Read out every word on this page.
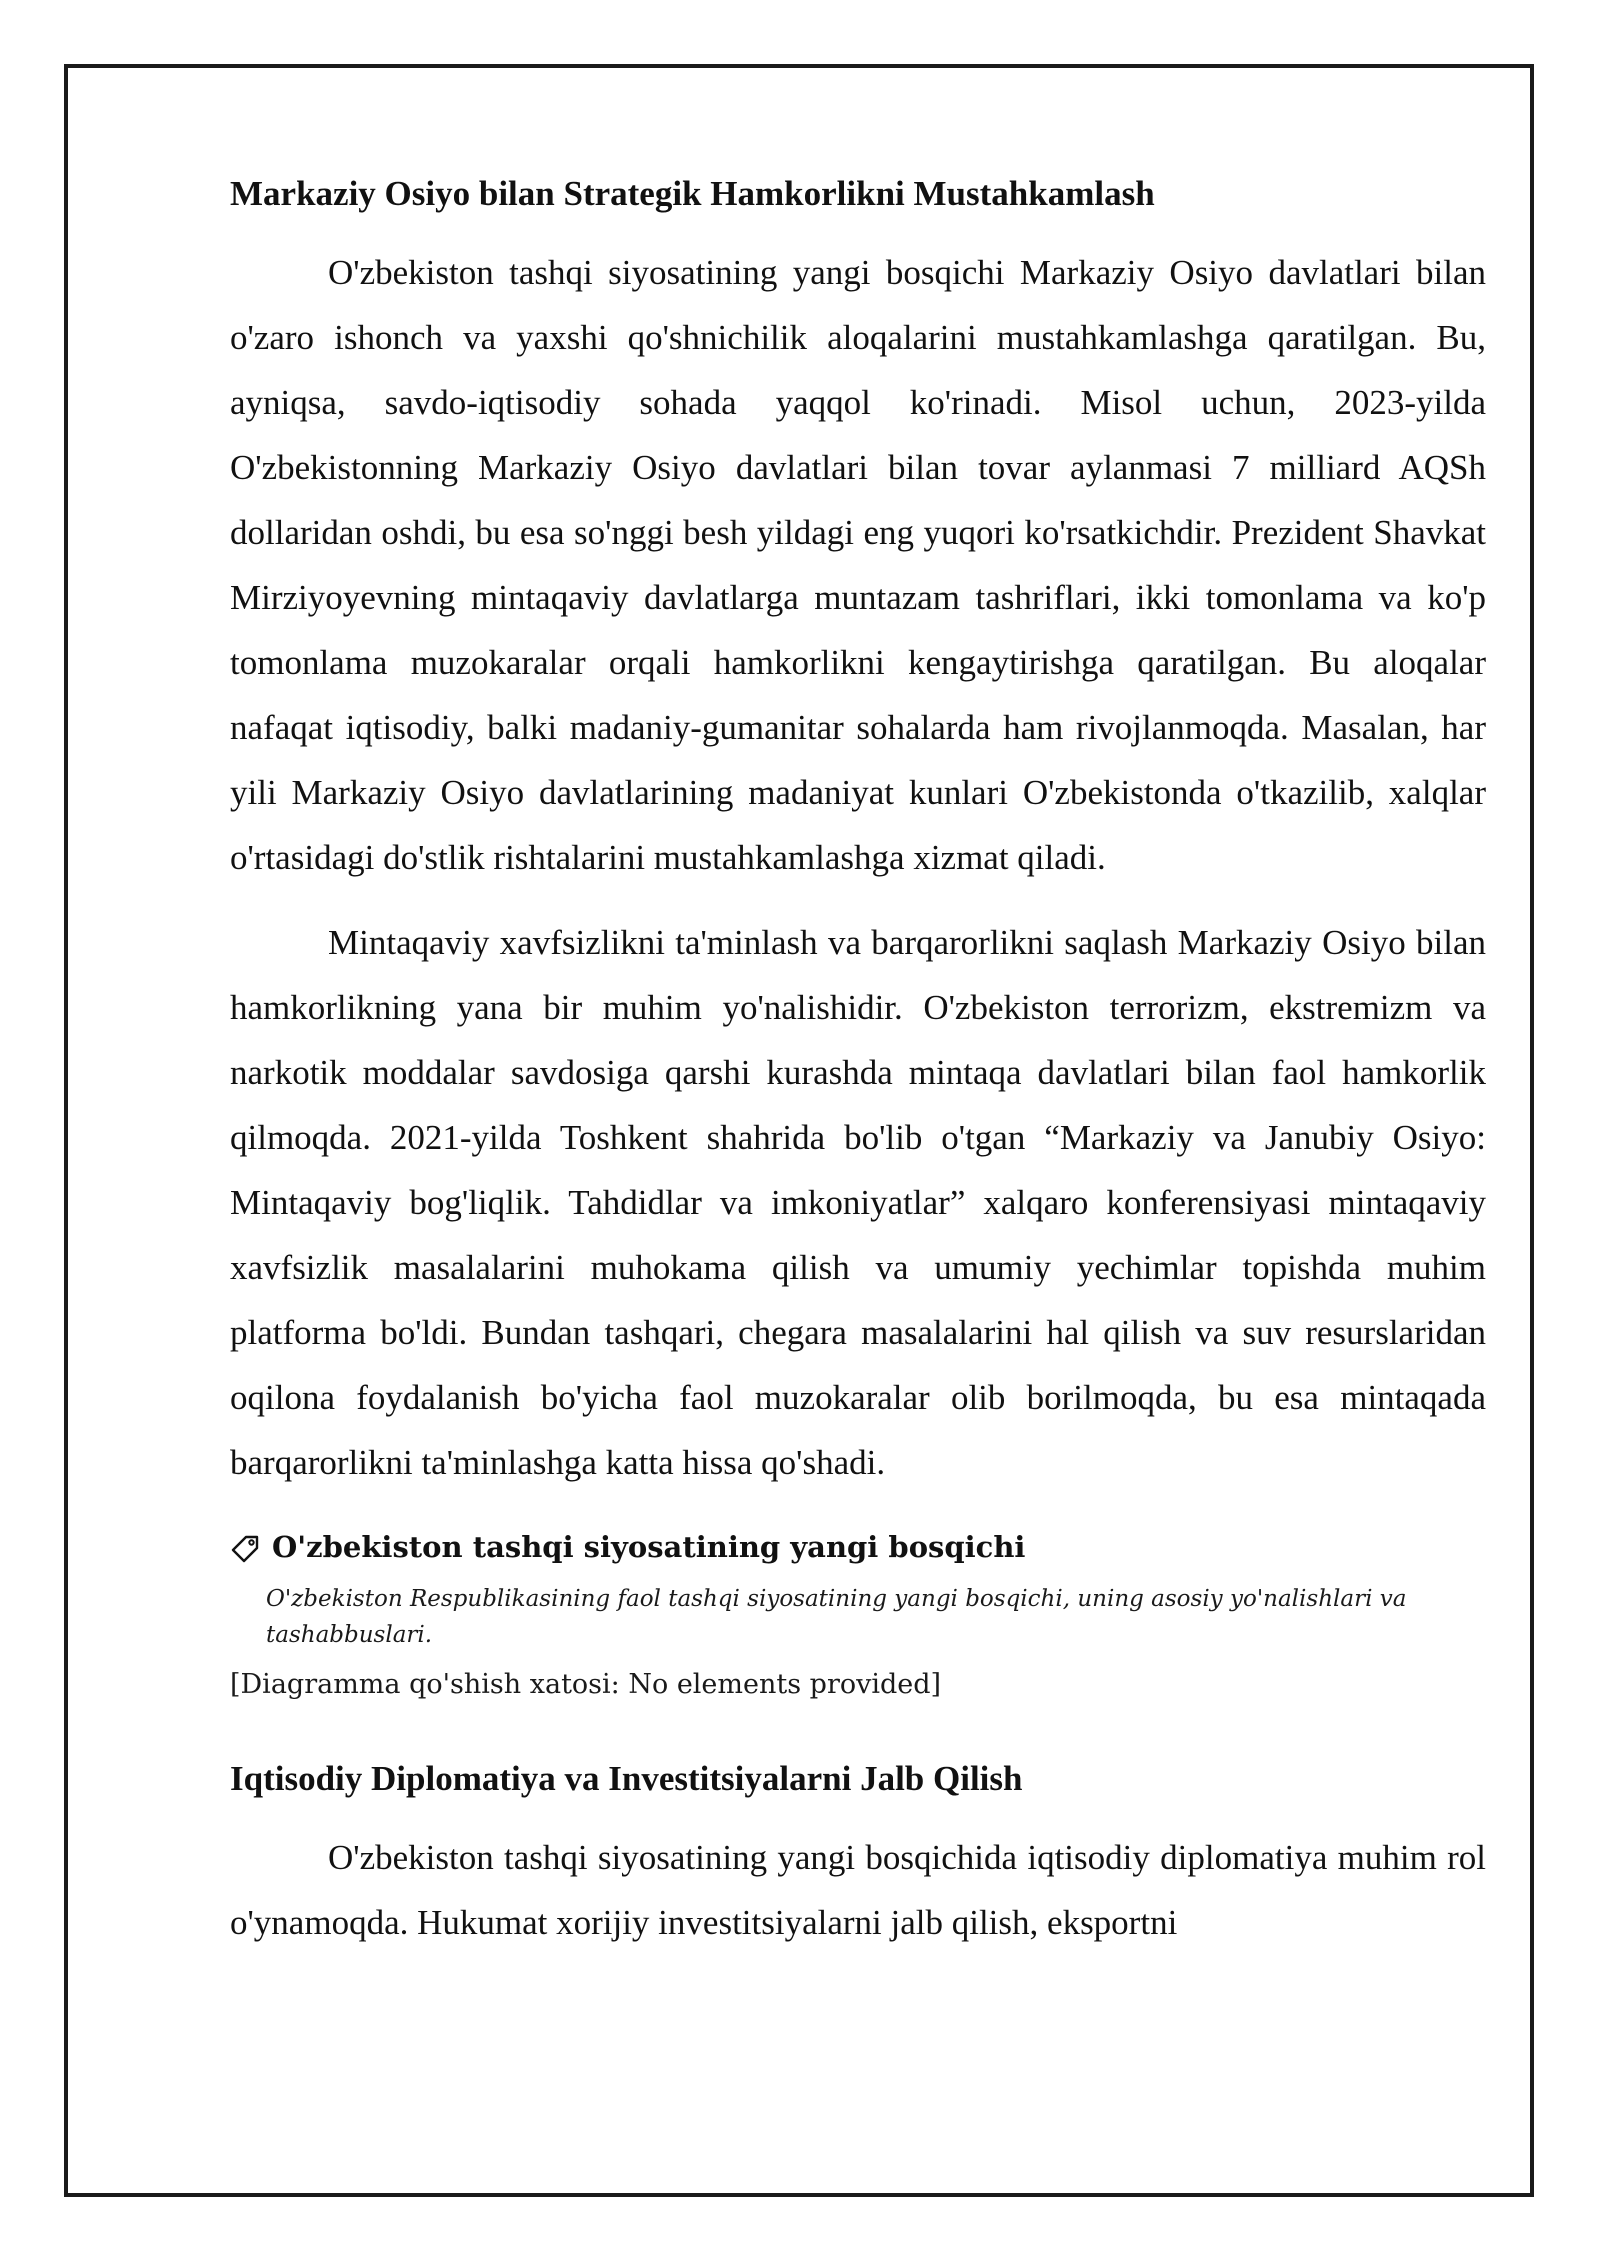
Markaziy Osiyo bilan Strategik Hamkorlikni Mustahkamlash

O'zbekiston tashqi siyosatining yangi bosqichi Markaziy Osiyo davlatlari bilan o'zaro ishonch va yaxshi qo'shnichilik aloqalarini mustahkamlashga qaratilgan. Bu, ayniqsa, savdo-iqtisodiy sohada yaqqol ko'rinadi. Misol uchun, 2023-yilda O'zbekistonning Markaziy Osiyo davlatlari bilan tovar aylanmasi 7 milliard AQSh dollaridan oshdi, bu esa so'nggi besh yildagi eng yuqori ko'rsatkichdir. Prezident Shavkat Mirziyoyevning mintaqaviy davlatlarga muntazam tashriflari, ikki tomonlama va ko'p tomonlama muzokaralar orqali hamkorlikni kengaytirishga qaratilgan. Bu aloqalar nafaqat iqtisodiy, balki madaniy-gumanitar sohalarda ham rivojlanmoqda. Masalan, har yili Markaziy Osiyo davlatlarining madaniyat kunlari O'zbekistonda o'tkazilib, xalqlar o'rtasidagi do'stlik rishtalarini mustahkamlashga xizmat qiladi.

Mintaqaviy xavfsizlikni ta'minlash va barqarorlikni saqlash Markaziy Osiyo bilan hamkorlikning yana bir muhim yo'nalishidir. O'zbekiston terrorizm, ekstremizm va narkotik moddalar savdosiga qarshi kurashda mintaqa davlatlari bilan faol hamkorlik qilmoqda. 2021-yilda Toshkent shahrida bo'lib o'tgan “Markaziy va Janubiy Osiyo: Mintaqaviy bog'liqlik. Tahdidlar va imkoniyatlar” xalqaro konferensiyasi mintaqaviy xavfsizlik masalalarini muhokama qilish va umumiy yechimlar topishda muhim platforma bo'ldi. Bundan tashqari, chegara masalalarini hal qilish va suv resurslaridan oqilona foydalanish bo'yicha faol muzokaralar olib borilmoqda, bu esa mintaqada barqarorlikni ta'minlashga katta hissa qo'shadi.

O'zbekiston tashqi siyosatining yangi bosqichi
O'zbekiston Respublikasining faol tashqi siyosatining yangi bosqichi, uning asosiy yo'nalishlari va tashabbuslari.
[Diagramma qo'shish xatosi: No elements provided]
Iqtisodiy Diplomatiya va Investitsiyalarni Jalb Qilish

O'zbekiston tashqi siyosatining yangi bosqichida iqtisodiy diplomatiya muhim rol o'ynamoqda. Hukumat xorijiy investitsiyalarni jalb qilish, eksportni
